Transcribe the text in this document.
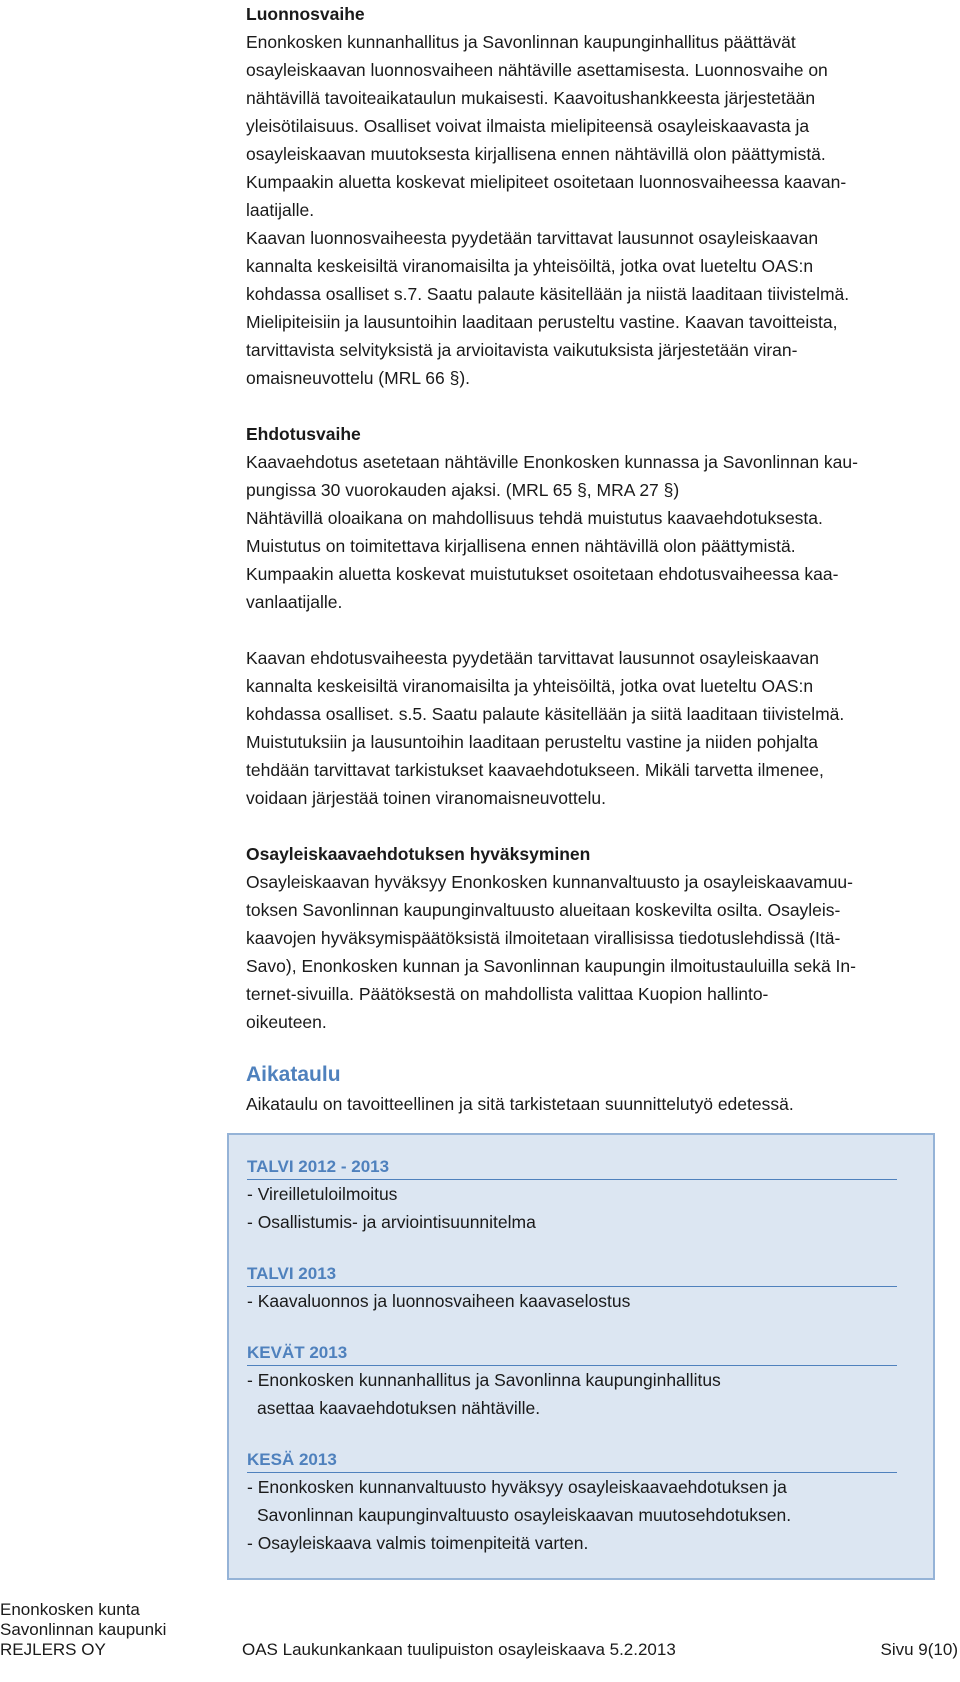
Luonnosvaihe
Enonkosken kunnanhallitus ja Savonlinnan kaupunginhallitus päättävät
osayleiskaavan luonnosvaiheen nähtäville asettamisesta. Luonnosvaihe on
nähtävillä tavoiteaikataulun mukaisesti. Kaavoitushankkeesta järjestetään
yleisötilaisuus. Osalliset voivat ilmaista mielipiteensä osayleiskaavasta ja
osayleiskaavan muutoksesta kirjallisena ennen nähtävillä olon päättymistä.
Kumpaakin aluetta koskevat mielipiteet osoitetaan luonnosvaiheessa kaavan-
laatijalle.
Kaavan luonnosvaiheesta pyydetään tarvittavat lausunnot osayleiskaavan
kannalta keskeisiltä viranomaisilta ja yhteisöiltä, jotka ovat lueteltu OAS:n
kohdassa osalliset s.7. Saatu palaute käsitellään ja niistä laaditaan tiivistelmä.
Mielipiteisiin ja lausuntoihin laaditaan perusteltu vastine. Kaavan tavoitteista,
tarvittavista selvityksistä ja arvioitavista vaikutuksista järjestetään viran-
omaisneuvottelu (MRL 66 §).
Ehdotusvaihe
Kaavaehdotus asetetaan nähtäville Enonkosken kunnassa ja Savonlinnan kau-
pungissa 30 vuorokauden ajaksi. (MRL 65 §, MRA 27 §)
Nähtävillä oloaikana on mahdollisuus tehdä muistutus kaavaehdotuksesta.
Muistutus on toimitettava kirjallisena ennen nähtävillä olon päättymistä.
Kumpaakin aluetta koskevat muistutukset osoitetaan ehdotusvaiheessa kaa-
vanlaatijalle.
Kaavan ehdotusvaiheesta pyydetään tarvittavat lausunnot osayleiskaavan
kannalta keskeisiltä viranomaisilta ja yhteisöiltä, jotka ovat lueteltu OAS:n
kohdassa osalliset. s.5. Saatu palaute käsitellään ja siitä laaditaan tiivistelmä.
Muistutuksiin ja lausuntoihin laaditaan perusteltu vastine ja niiden pohjalta
tehdään tarvittavat tarkistukset kaavaehdotukseen. Mikäli tarvetta ilmenee,
voidaan järjestää toinen viranomaisneuvottelu.
Osayleiskaavaehdotuksen hyväksyminen
Osayleiskaavan hyväksyy Enonkosken kunnanvaltuusto ja osayleiskaavamuu-
toksen Savonlinnan kaupunginvaltuusto alueitaan koskevilta osilta. Osayleis-
kaavojen hyväksymispäätöksistä ilmoitetaan virallisissa tiedotuslehdissä (Itä-
Savo), Enonkosken kunnan ja Savonlinnan kaupungin ilmoitustauluilla sekä In-
ternet-sivuilla. Päätöksestä on mahdollista valittaa Kuopion hallinto-
oikeuteen.
Aikataulu
Aikataulu on tavoitteellinen ja sitä tarkistetaan suunnittelutyö edetessä.
TALVI 2012 - 2013
- Vireilletuloilmoitus
- Osallistumis- ja arviointisuunnitelma
TALVI 2013
- Kaavaluonnos ja luonnosvaiheen kaavaselostus
KEVÄT 2013
- Enonkosken kunnanhallitus ja Savonlinna kaupunginhallitus
asettaa kaavaehdotuksen nähtäville.
KESÄ 2013
- Enonkosken kunnanvaltuusto hyväksyy osayleiskaavaehdotuksen ja
Savonlinnan kaupunginvaltuusto osayleiskaavan muutosehdotuksen.
- Osayleiskaava valmis toimenpiteitä varten.
Enonkosken kunta
Savonlinnan kaupunki
REJLERS OY	OAS Laukunkankaan tuulipuiston osayleiskaava 5.2.2013	Sivu 9(10)
